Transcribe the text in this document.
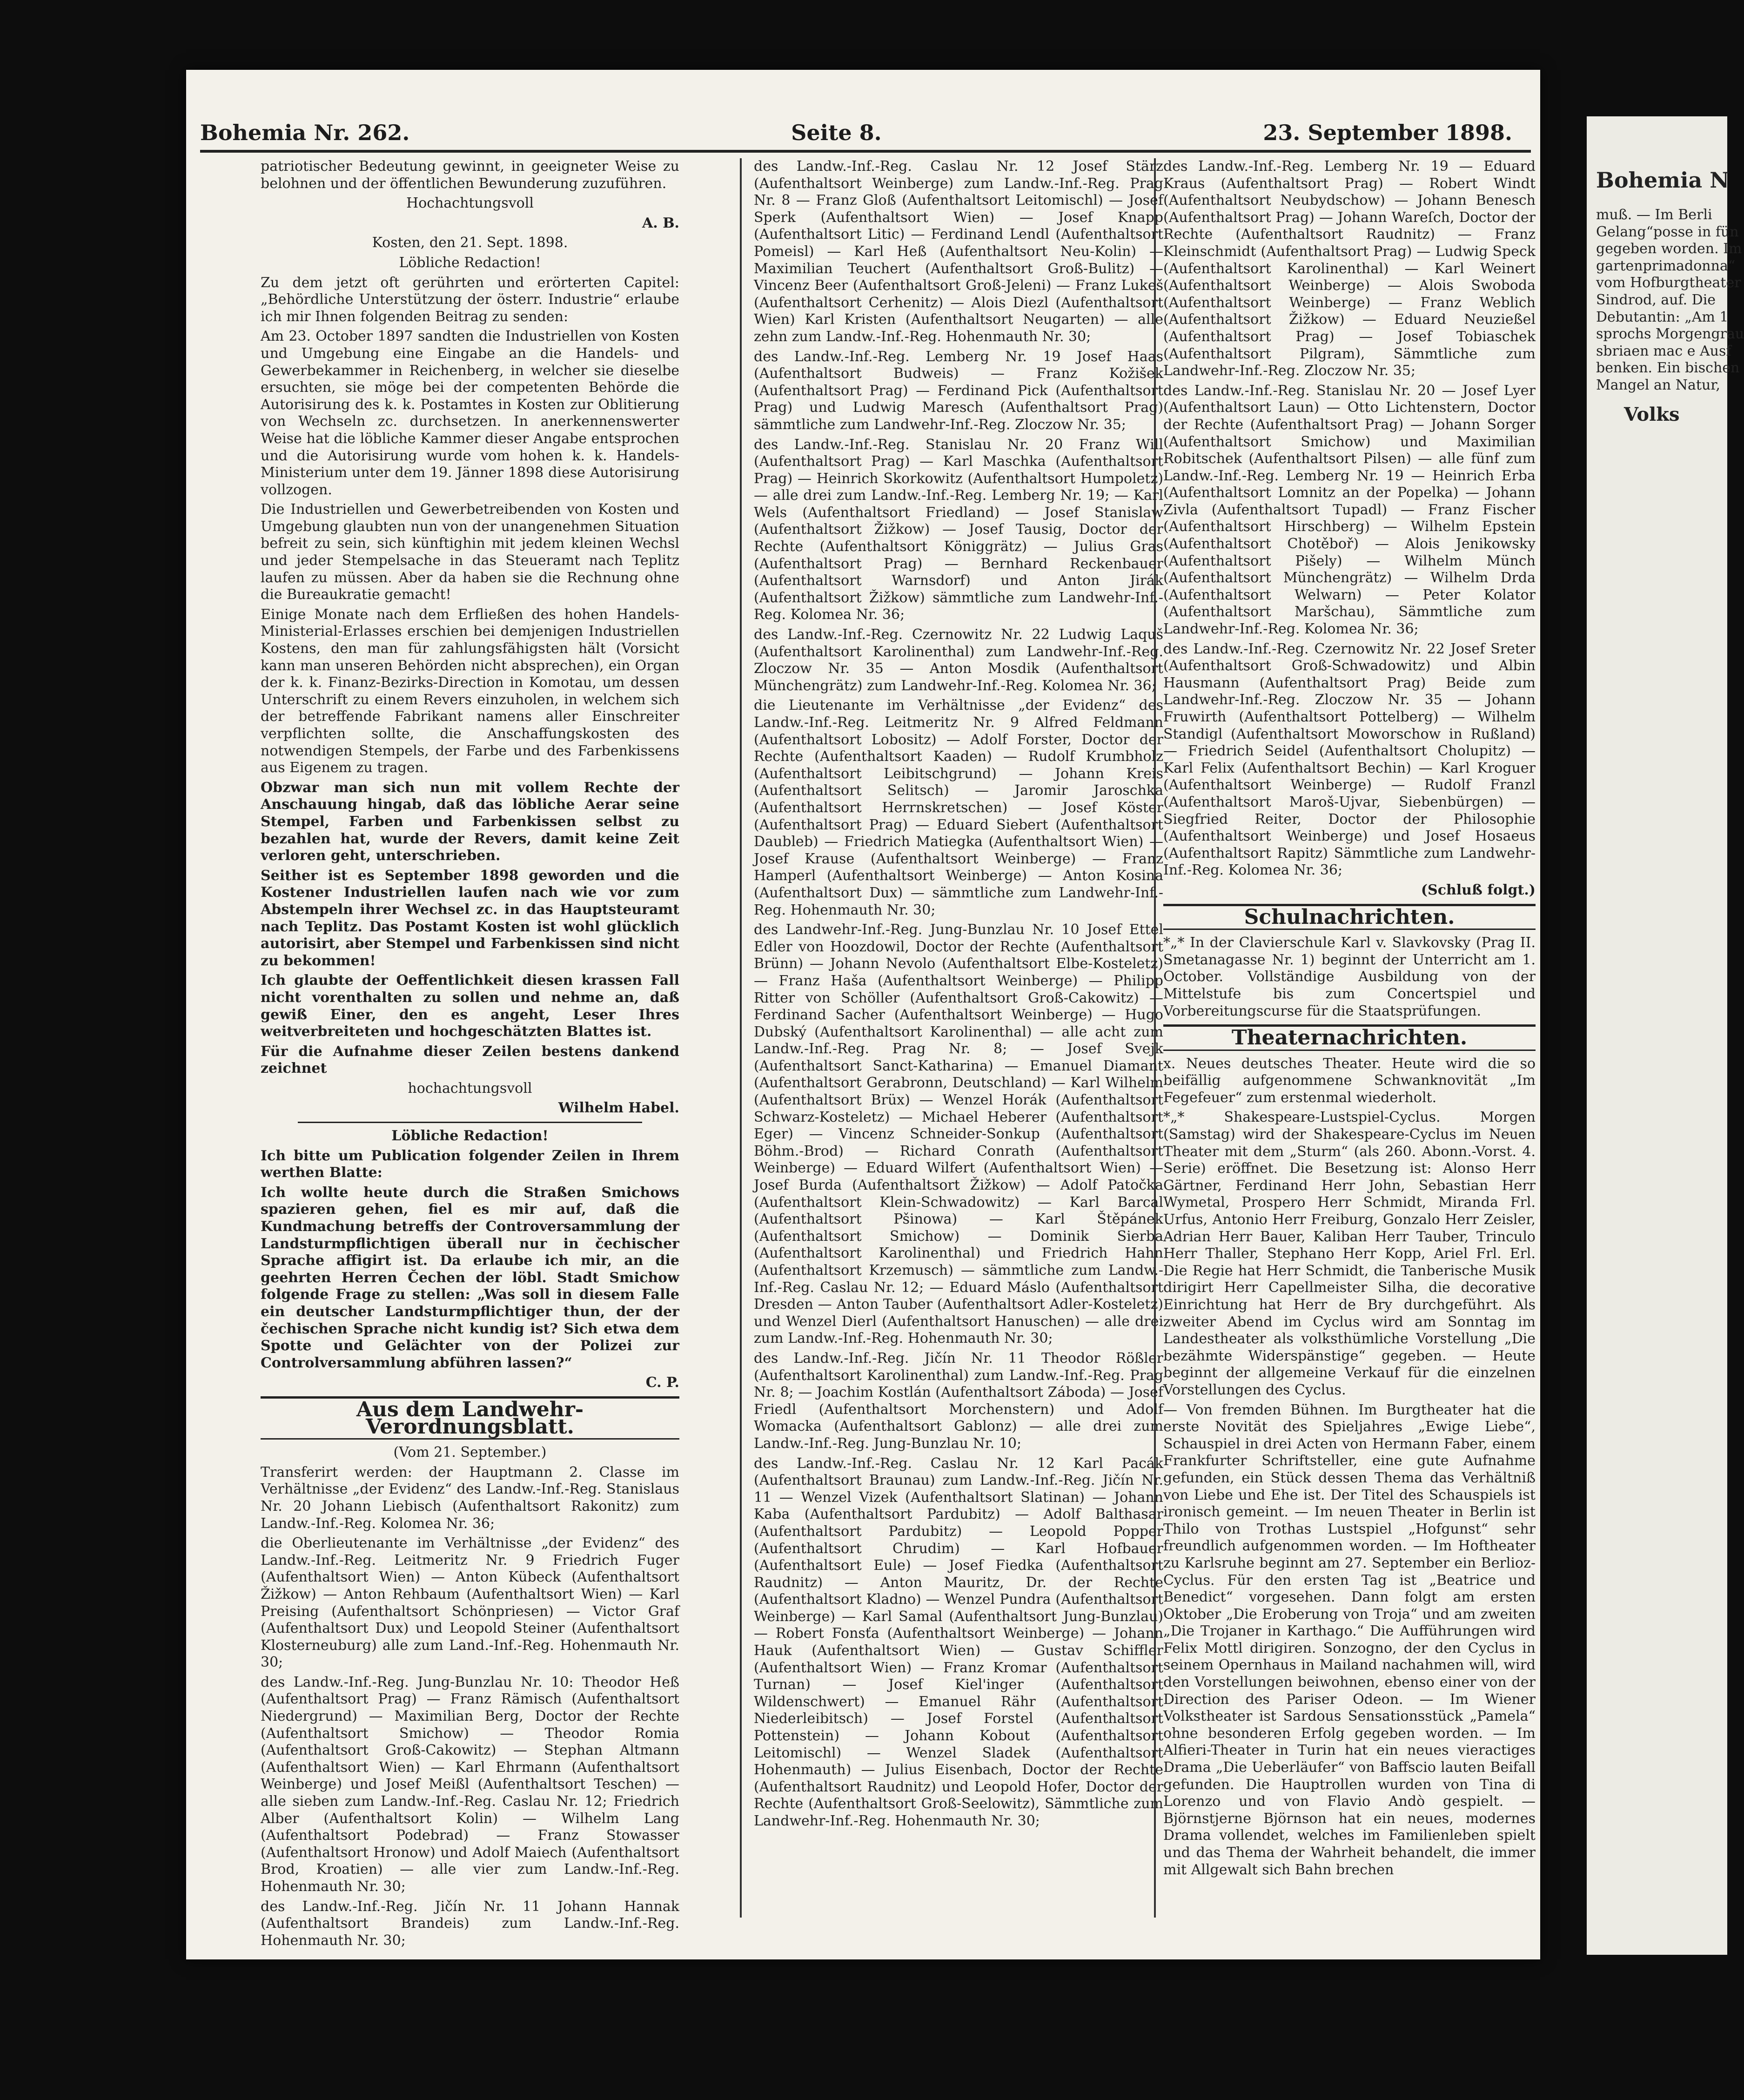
Bohemia Nr. 262.	Seite 8.	23. September 1898.

patriotischer Bedeutung gewinnt, in geeigneter Weise zu belohnen und der öffentlichen Bewunderung zuzuführen.

Hochachtungsvoll

A. B.

Kosten, den 21. Sept. 1898.

Löbliche Redaction!

Zu dem jetzt oft gerührten und erörterten Capitel: „Behördliche Unterstützung der österr. Industrie“ erlaube ich mir Ihnen folgenden Beitrag zu senden:

Am 23. October 1897 sandten die Industriellen von Kosten und Umgebung eine Eingabe an die Handels- und Gewerbekammer in Reichenberg, in welcher sie dieselbe ersuchten, sie möge bei der competenten Behörde die Autorisirung des k. k. Postamtes in Kosten zur Oblitierung von Wechseln zc. durchsetzen. In anerkennenswerter Weise hat die löbliche Kammer dieser Angabe entsprochen und die Autorisirung wurde vom hohen k. k. Handels-Ministerium unter dem 19. Jänner 1898 diese Autorisirung vollzogen.

Die Industriellen und Gewerbetreibenden von Kosten und Umgebung glaubten nun von der unangenehmen Situation befreit zu sein, sich künftighin mit jedem kleinen Wechsl und jeder Stempelsache in das Steueramt nach Teplitz laufen zu müssen. Aber da haben sie die Rechnung ohne die Bureaukratie gemacht!

Einige Monate nach dem Erfließen des hohen Handels-Ministerial-Erlasses erschien bei demjenigen Industriellen Kostens, den man für zahlungsfähigsten hält (Vorsicht kann man unseren Behörden nicht absprechen), ein Organ der k. k. Finanz-Bezirks-Direction in Komotau, um dessen Unterschrift zu einem Revers einzuholen, in welchem sich der betreffende Fabrikant namens aller Einschreiter verpflichten sollte, die Anschaffungskosten des notwendigen Stempels, der Farbe und des Farbenkissens aus Eigenem zu tragen.

Obzwar man sich nun mit vollem Rechte der Anschauung hingab, daß das löbliche Aerar seine Stempel, Farben und Farbenkissen selbst zu bezahlen hat, wurde der Revers, damit keine Zeit verloren geht, unterschrieben.

Seither ist es September 1898 geworden und die Kostener Industriellen laufen nach wie vor zum Abstempeln ihrer Wechsel zc. in das Hauptsteuramt nach Teplitz. Das Postamt Kosten ist wohl glücklich autorisirt, aber Stempel und Farbenkissen sind nicht zu bekommen!

Ich glaubte der Oeffentlichkeit diesen krassen Fall nicht vorenthalten zu sollen und nehme an, daß gewiß Einer, den es angeht, Leser Ihres weitverbreiteten und hochgeschätzten Blattes ist.

Für die Aufnahme dieser Zeilen bestens dankend zeichnet

hochachtungsvoll

Wilhelm Habel.

Löbliche Redaction!

Ich bitte um Publication folgender Zeilen in Ihrem werthen Blatte:

Ich wollte heute durch die Straßen Smichows spazieren gehen, fiel es mir auf, daß die Kundmachung betreffs der Controversammlung der Landsturmpflichtigen überall nur in čechischer Sprache affigirt ist. Da erlaube ich mir, an die geehrten Herren Čechen der löbl. Stadt Smichow folgende Frage zu stellen: „Was soll in diesem Falle ein deutscher Landsturmpflichtiger thun, der der čechischen Sprache nicht kundig ist? Sich etwa dem Spotte und Gelächter von der Polizei zur Controlversammlung abführen lassen?“

C. P.

Aus dem Landwehr-Verordnungsblatt.

(Vom 21. September.)

Transferirt werden: der Hauptmann 2. Classe im Verhältnisse „der Evidenz“ des Landw.-Inf.-Reg. Stanislaus Nr. 20 Johann Liebisch (Aufenthaltsort Rakonitz) zum Landw.-Inf.-Reg. Kolomea Nr. 36;

die Oberlieutenante im Verhältnisse „der Evidenz“ des Landw.-Inf.-Reg. Leitmeritz Nr. 9 Friedrich Fuger (Aufenthaltsort Wien) — Anton Kübeck (Aufenthaltsort Žižkow) — Anton Rehbaum (Aufenthaltsort Wien) — Karl Preising (Aufenthaltsort Schönpriesen) — Victor Graf (Aufenthaltsort Dux) und Leopold Steiner (Aufenthaltsort Klosterneuburg) alle zum Land.-Inf.-Reg. Hohenmauth Nr. 30;

des Landw.-Inf.-Reg. Jung-Bunzlau Nr. 10: Theodor Heß (Aufenthaltsort Prag) — Franz Rämisch (Aufenthaltsort Niedergrund) — Maximilian Berg, Doctor der Rechte (Aufenthaltsort Smichow) — Theodor Romia (Aufenthaltsort Groß-Cakowitz) — Stephan Altmann (Aufenthaltsort Wien) — Karl Ehrmann (Aufenthaltsort Weinberge) und Josef Meißl (Aufenthaltsort Teschen) — alle sieben zum Landw.-Inf.-Reg. Caslau Nr. 12; Friedrich Alber (Aufenthaltsort Kolin) — Wilhelm Lang (Aufenthaltsort Podebrad) — Franz Stowasser (Aufenthaltsort Hronow) und Adolf Maiech (Aufenthaltsort Brod, Kroatien) — alle vier zum Landw.-Inf.-Reg. Hohenmauth Nr. 30;

des Landw.-Inf.-Reg. Jičín Nr. 11 Johann Hannak (Aufenthaltsort Brandeis) zum Landw.-Inf.-Reg. Hohenmauth Nr. 30;

des Landw.-Inf.-Reg. Caslau Nr. 12 Josef Stärz (Aufenthaltsort Weinberge) zum Landw.-Inf.-Reg. Prag Nr. 8 — Franz Gloß (Aufenthaltsort Leitomischl) — Josef Sperk (Aufenthaltsort Wien) — Josef Knapp (Aufenthaltsort Litic) — Ferdinand Lendl (Aufenthaltsort Pomeisl) — Karl Heß (Aufenthaltsort Neu-Kolin) — Maximilian Teuchert (Aufenthaltsort Groß-Bulitz) — Vincenz Beer (Aufenthaltsort Groß-Jeleni) — Franz Lukeš (Aufenthaltsort Cerhenitz) — Alois Diezl (Aufenthaltsort Wien) Karl Kristen (Aufenthaltsort Neugarten) — alle zehn zum Landw.-Inf.-Reg. Hohenmauth Nr. 30;

des Landw.-Inf.-Reg. Lemberg Nr. 19 Josef Haas (Aufenthaltsort Budweis) — Franz Kožišek (Aufenthaltsort Prag) — Ferdinand Pick (Aufenthaltsort Prag) und Ludwig Maresch (Aufenthaltsort Prag) sämmtliche zum Landwehr-Inf.-Reg. Zloczow Nr. 35;

des Landw.-Inf.-Reg. Stanislau Nr. 20 Franz Will (Aufenthaltsort Prag) — Karl Maschka (Aufenthaltsort Prag) — Heinrich Skorkowitz (Aufenthaltsort Humpoletz) — alle drei zum Landw.-Inf.-Reg. Lemberg Nr. 19; — Karl Wels (Aufenthaltsort Friedland) — Josef Stanislaw (Aufenthaltsort Žižkow) — Josef Tausig, Doctor der Rechte (Aufenthaltsort Königgrätz) — Julius Gras (Aufenthaltsort Prag) — Bernhard Reckenbauer (Aufenthaltsort Warnsdorf) und Anton Jirák (Aufenthaltsort Žižkow) sämmtliche zum Landwehr-Inf.-Reg. Kolomea Nr. 36;

des Landw.-Inf.-Reg. Czernowitz Nr. 22 Ludwig Laquš (Aufenthaltsort Karolinenthal) zum Landwehr-Inf.-Reg. Zloczow Nr. 35 — Anton Mosdik (Aufenthaltsort Münchengrätz) zum Landwehr-Inf.-Reg. Kolomea Nr. 36;

die Lieutenante im Verhältnisse „der Evidenz“ des Landw.-Inf.-Reg. Leitmeritz Nr. 9 Alfred Feldmann (Aufenthaltsort Lobositz) — Adolf Forster, Doctor der Rechte (Aufenthaltsort Kaaden) — Rudolf Krumbholz (Aufenthaltsort Leibitschgrund) — Johann Kreis (Aufenthaltsort Selitsch) — Jaromir Jaroschka (Aufenthaltsort Herrnskretschen) — Josef Köster (Aufenthaltsort Prag) — Eduard Siebert (Aufenthaltsort Daubleb) — Friedrich Matiegka (Aufenthaltsort Wien) — Josef Krause (Aufenthaltsort Weinberge) — Franz Hamperl (Aufenthaltsort Weinberge) — Anton Kosina (Aufenthaltsort Dux) — sämmtliche zum Landwehr-Inf.-Reg. Hohenmauth Nr. 30;

des Landwehr-Inf.-Reg. Jung-Bunzlau Nr. 10 Josef Ettel Edler von Hoozdowil, Doctor der Rechte (Aufenthaltsort Brünn) — Johann Nevolo (Aufenthaltsort Elbe-Kosteletz) — Franz Haša (Aufenthaltsort Weinberge) — Philipp Ritter von Schöller (Aufenthaltsort Groß-Cakowitz) — Ferdinand Sacher (Aufenthaltsort Weinberge) — Hugo Dubský (Aufenthaltsort Karolinenthal) — alle acht zum Landw.-Inf.-Reg. Prag Nr. 8; — Josef Svejk (Aufenthaltsort Sanct-Katharina) — Emanuel Diamant (Aufenthaltsort Gerabronn, Deutschland) — Karl Wilhelm (Aufenthaltsort Brüx) — Wenzel Horák (Aufenthaltsort Schwarz-Kosteletz) — Michael Heberer (Aufenthaltsort Eger) — Vincenz Schneider-Sonkup (Aufenthaltsort Böhm.-Brod) — Richard Conrath (Aufenthaltsort Weinberge) — Eduard Wilfert (Aufenthaltsort Wien) — Josef Burda (Aufenthaltsort Žižkow) — Adolf Patočka (Aufenthaltsort Klein-Schwadowitz) — Karl Barcal (Aufenthaltsort Pšinowa) — Karl Štěpánek (Aufenthaltsort Smichow) — Dominik Sierba (Aufenthaltsort Karolinenthal) und Friedrich Hahn (Aufenthaltsort Krzemusch) — sämmtliche zum Landw.-Inf.-Reg. Caslau Nr. 12; — Eduard Máslo (Aufenthaltsort Dresden — Anton Tauber (Aufenthaltsort Adler-Kosteletz) und Wenzel Dierl (Aufenthaltsort Hanuschen) — alle drei zum Landw.-Inf.-Reg. Hohenmauth Nr. 30;

des Landw.-Inf.-Reg. Jičín Nr. 11 Theodor Rößler (Aufenthaltsort Karolinenthal) zum Landw.-Inf.-Reg. Prag Nr. 8; — Joachim Kostlán (Aufenthaltsort Záboda) — Josef Friedl (Aufenthaltsort Morchenstern) und Adolf Womacka (Aufenthaltsort Gablonz) — alle drei zum Landw.-Inf.-Reg. Jung-Bunzlau Nr. 10;

des Landw.-Inf.-Reg. Caslau Nr. 12 Karl Pacák (Aufenthaltsort Braunau) zum Landw.-Inf.-Reg. Jičín Nr. 11 — Wenzel Vizek (Aufenthaltsort Slatinan) — Johann Kaba (Aufenthaltsort Pardubitz) — Adolf Balthasar (Aufenthaltsort Pardubitz) — Leopold Popper (Aufenthaltsort Chrudim) — Karl Hofbauer (Aufenthaltsort Eule) — Josef Fiedka (Aufenthaltsort Raudnitz) — Anton Mauritz, Dr. der Rechte (Aufenthaltsort Kladno) — Wenzel Pundra (Aufenthaltsort Weinberge) — Karl Samal (Aufenthaltsort Jung-Bunzlau) — Robert Fonsťa (Aufenthaltsort Weinberge) — Johann Hauk (Aufenthaltsort Wien) — Gustav Schiffler (Aufenthaltsort Wien) — Franz Kromar (Aufenthaltsort Turnan) — Josef Kiel'inger (Aufenthaltsort Wildenschwert) — Emanuel Rähr (Aufenthaltsort Niederleibitsch) — Josef Forstel (Aufenthaltsort Pottenstein) — Johann Kobout (Aufenthaltsort Leitomischl) — Wenzel Sladek (Aufenthaltsort Hohenmauth) — Julius Eisenbach, Doctor der Rechte (Aufenthaltsort Raudnitz) und Leopold Hofer, Doctor der Rechte (Aufenthaltsort Groß-Seelowitz), Sämmtliche zum Landwehr-Inf.-Reg. Hohenmauth Nr. 30;

des Landw.-Inf.-Reg. Lemberg Nr. 19 — Eduard Kraus (Aufenthaltsort Prag) — Robert Windt (Aufenthaltsort Neubydschow) — Johann Benesch (Aufenthaltsort Prag) — Johann Wareſch, Doctor der Rechte (Aufenthaltsort Raudnitz) — Franz Kleinschmidt (Aufenthaltsort Prag) — Ludwig Speck (Aufenthaltsort Karolinenthal) — Karl Weinert (Aufenthaltsort Weinberge) — Alois Swoboda (Aufenthaltsort Weinberge) — Franz Weblich (Aufenthaltsort Žižkow) — Eduard Neuzießel (Aufenthaltsort Prag) — Josef Tobiaschek (Aufenthaltsort Pilgram), Sämmtliche zum Landwehr-Inf.-Reg. Zloczow Nr. 35;

des Landw.-Inf.-Reg. Stanislau Nr. 20 — Josef Lyer (Aufenthaltsort Laun) — Otto Lichtenstern, Doctor der Rechte (Aufenthaltsort Prag) — Johann Sorger (Aufenthaltsort Smichow) und Maximilian Robitschek (Aufenthaltsort Pilsen) — alle fünf zum Landw.-Inf.-Reg. Lemberg Nr. 19 — Heinrich Erba (Aufenthaltsort Lomnitz an der Popelka) — Johann Zivla (Aufenthaltsort Tupadl) — Franz Fischer (Aufenthaltsort Hirschberg) — Wilhelm Epstein (Aufenthaltsort Chotěboř) — Alois Jenikowsky (Aufenthaltsort Pišely) — Wilhelm Münch (Aufenthaltsort Münchengrätz) — Wilhelm Drda (Aufenthaltsort Welwarn) — Peter Kolator (Aufenthaltsort Maršchau), Sämmtliche zum Landwehr-Inf.-Reg. Kolomea Nr. 36;

des Landw.-Inf.-Reg. Czernowitz Nr. 22 Josef Sreter (Aufenthaltsort Groß-Schwadowitz) und Albin Hausmann (Aufenthaltsort Prag) Beide zum Landwehr-Inf.-Reg. Zloczow Nr. 35 — Johann Fruwirth (Aufenthaltsort Pottelberg) — Wilhelm Standigl (Aufenthaltsort Moworschow in Rußland) — Friedrich Seidel (Aufenthaltsort Cholupitz) — Karl Felix (Aufenthaltsort Bechin) — Karl Kroguer (Aufenthaltsort Weinberge) — Rudolf Franzl (Aufenthaltsort Maroš-Ujvar, Siebenbürgen) — Siegfried Reiter, Doctor der Philosophie (Aufenthaltsort Weinberge) und Josef Hosaeus (Aufenthaltsort Rapitz) Sämmtliche zum Landwehr-Inf.-Reg. Kolomea Nr. 36;

(Schluß folgt.)

Schulnachrichten.

*„* In der Clavierschule Karl v. Slavkovsky (Prag II. Smetanagasse Nr. 1) beginnt der Unterricht am 1. October. Vollständige Ausbildung von der Mittelstufe bis zum Concertspiel und Vorbereitungscurse für die Staatsprüfungen.

Theaternachrichten.

x. Neues deutsches Theater. Heute wird die so beifällig aufgenommene Schwanknovität „Im Fegefeuer“ zum erstenmal wiederholt.

*„* Shakespeare-Lustspiel-Cyclus. Morgen (Samstag) wird der Shakespeare-Cyclus im Neuen Theater mit dem „Sturm“ (als 260. Abonn.-Vorst. 4. Serie) eröffnet. Die Besetzung ist: Alonso Herr Gärtner, Ferdinand Herr John, Sebastian Herr Wymetal, Prospero Herr Schmidt, Miranda Frl. Urfus, Antonio Herr Freiburg, Gonzalo Herr Zeisler, Adrian Herr Bauer, Kaliban Herr Tauber, Trinculo Herr Thaller, Stephano Herr Kopp, Ariel Frl. Erl. Die Regie hat Herr Schmidt, die Tanberische Musik dirigirt Herr Capellmeister Silha, die decorative Einrichtung hat Herr de Bry durchgeführt. Als zweiter Abend im Cyclus wird am Sonntag im Landestheater als volksthümliche Vorstellung „Die bezähmte Widerspänstige“ gegeben. — Heute beginnt der allgemeine Verkauf für die einzelnen Vorstellungen des Cyclus.

— Von fremden Bühnen. Im Burgtheater hat die erste Novität des Spieljahres „Ewige Liebe“, Schauspiel in drei Acten von Hermann Faber, einem Frankfurter Schriftsteller, eine gute Aufnahme gefunden, ein Stück dessen Thema das Verhältniß von Liebe und Ehe ist. Der Titel des Schauspiels ist ironisch gemeint. — Im neuen Theater in Berlin ist Thilo von Trothas Lustspiel „Hofgunst“ sehr freundlich aufgenommen worden. — Im Hoftheater zu Karlsruhe beginnt am 27. September ein Berlioz-Cyclus. Für den ersten Tag ist „Beatrice und Benedict“ vorgesehen. Dann folgt am ersten Oktober „Die Eroberung von Troja“ und am zweiten „Die Trojaner in Karthago.“ Die Aufführungen wird Felix Mottl dirigiren. Sonzogno, der den Cyclus in seinem Opernhaus in Mailand nachahmen will, wird den Vorstellungen beiwohnen, ebenso einer von der Direction des Pariser Odeon. — Im Wiener Volkstheater ist Sardous Sensationsstück „Pamela“ ohne besonderen Erfolg gegeben worden. — Im Alfieri-Theater in Turin hat ein neues vieractiges Drama „Die Ueberläufer“ von Baffscio lauten Beifall gefunden. Die Hauptrollen wurden von Tina di Lorenzo und von Flavio Andò gespielt. — Björnstjerne Björnson hat ein neues, modernes Drama vollendet, welches im Familienleben spielt und das Thema der Wahrheit behandelt, die immer mit Allgewalt sich Bahn brechen

Bohemia N
muß. — Im Berli
Gelang“posse in fün
gegeben worden. Im
gartenprimadonna“
vom Hofburgtheater
Sindrod, auf. Die
Debutantin: „Am 1
sprochs Morgengrau
sbriaen mac e Ausf
benken. Ein bischen
Mangel an Natur,
Volks
